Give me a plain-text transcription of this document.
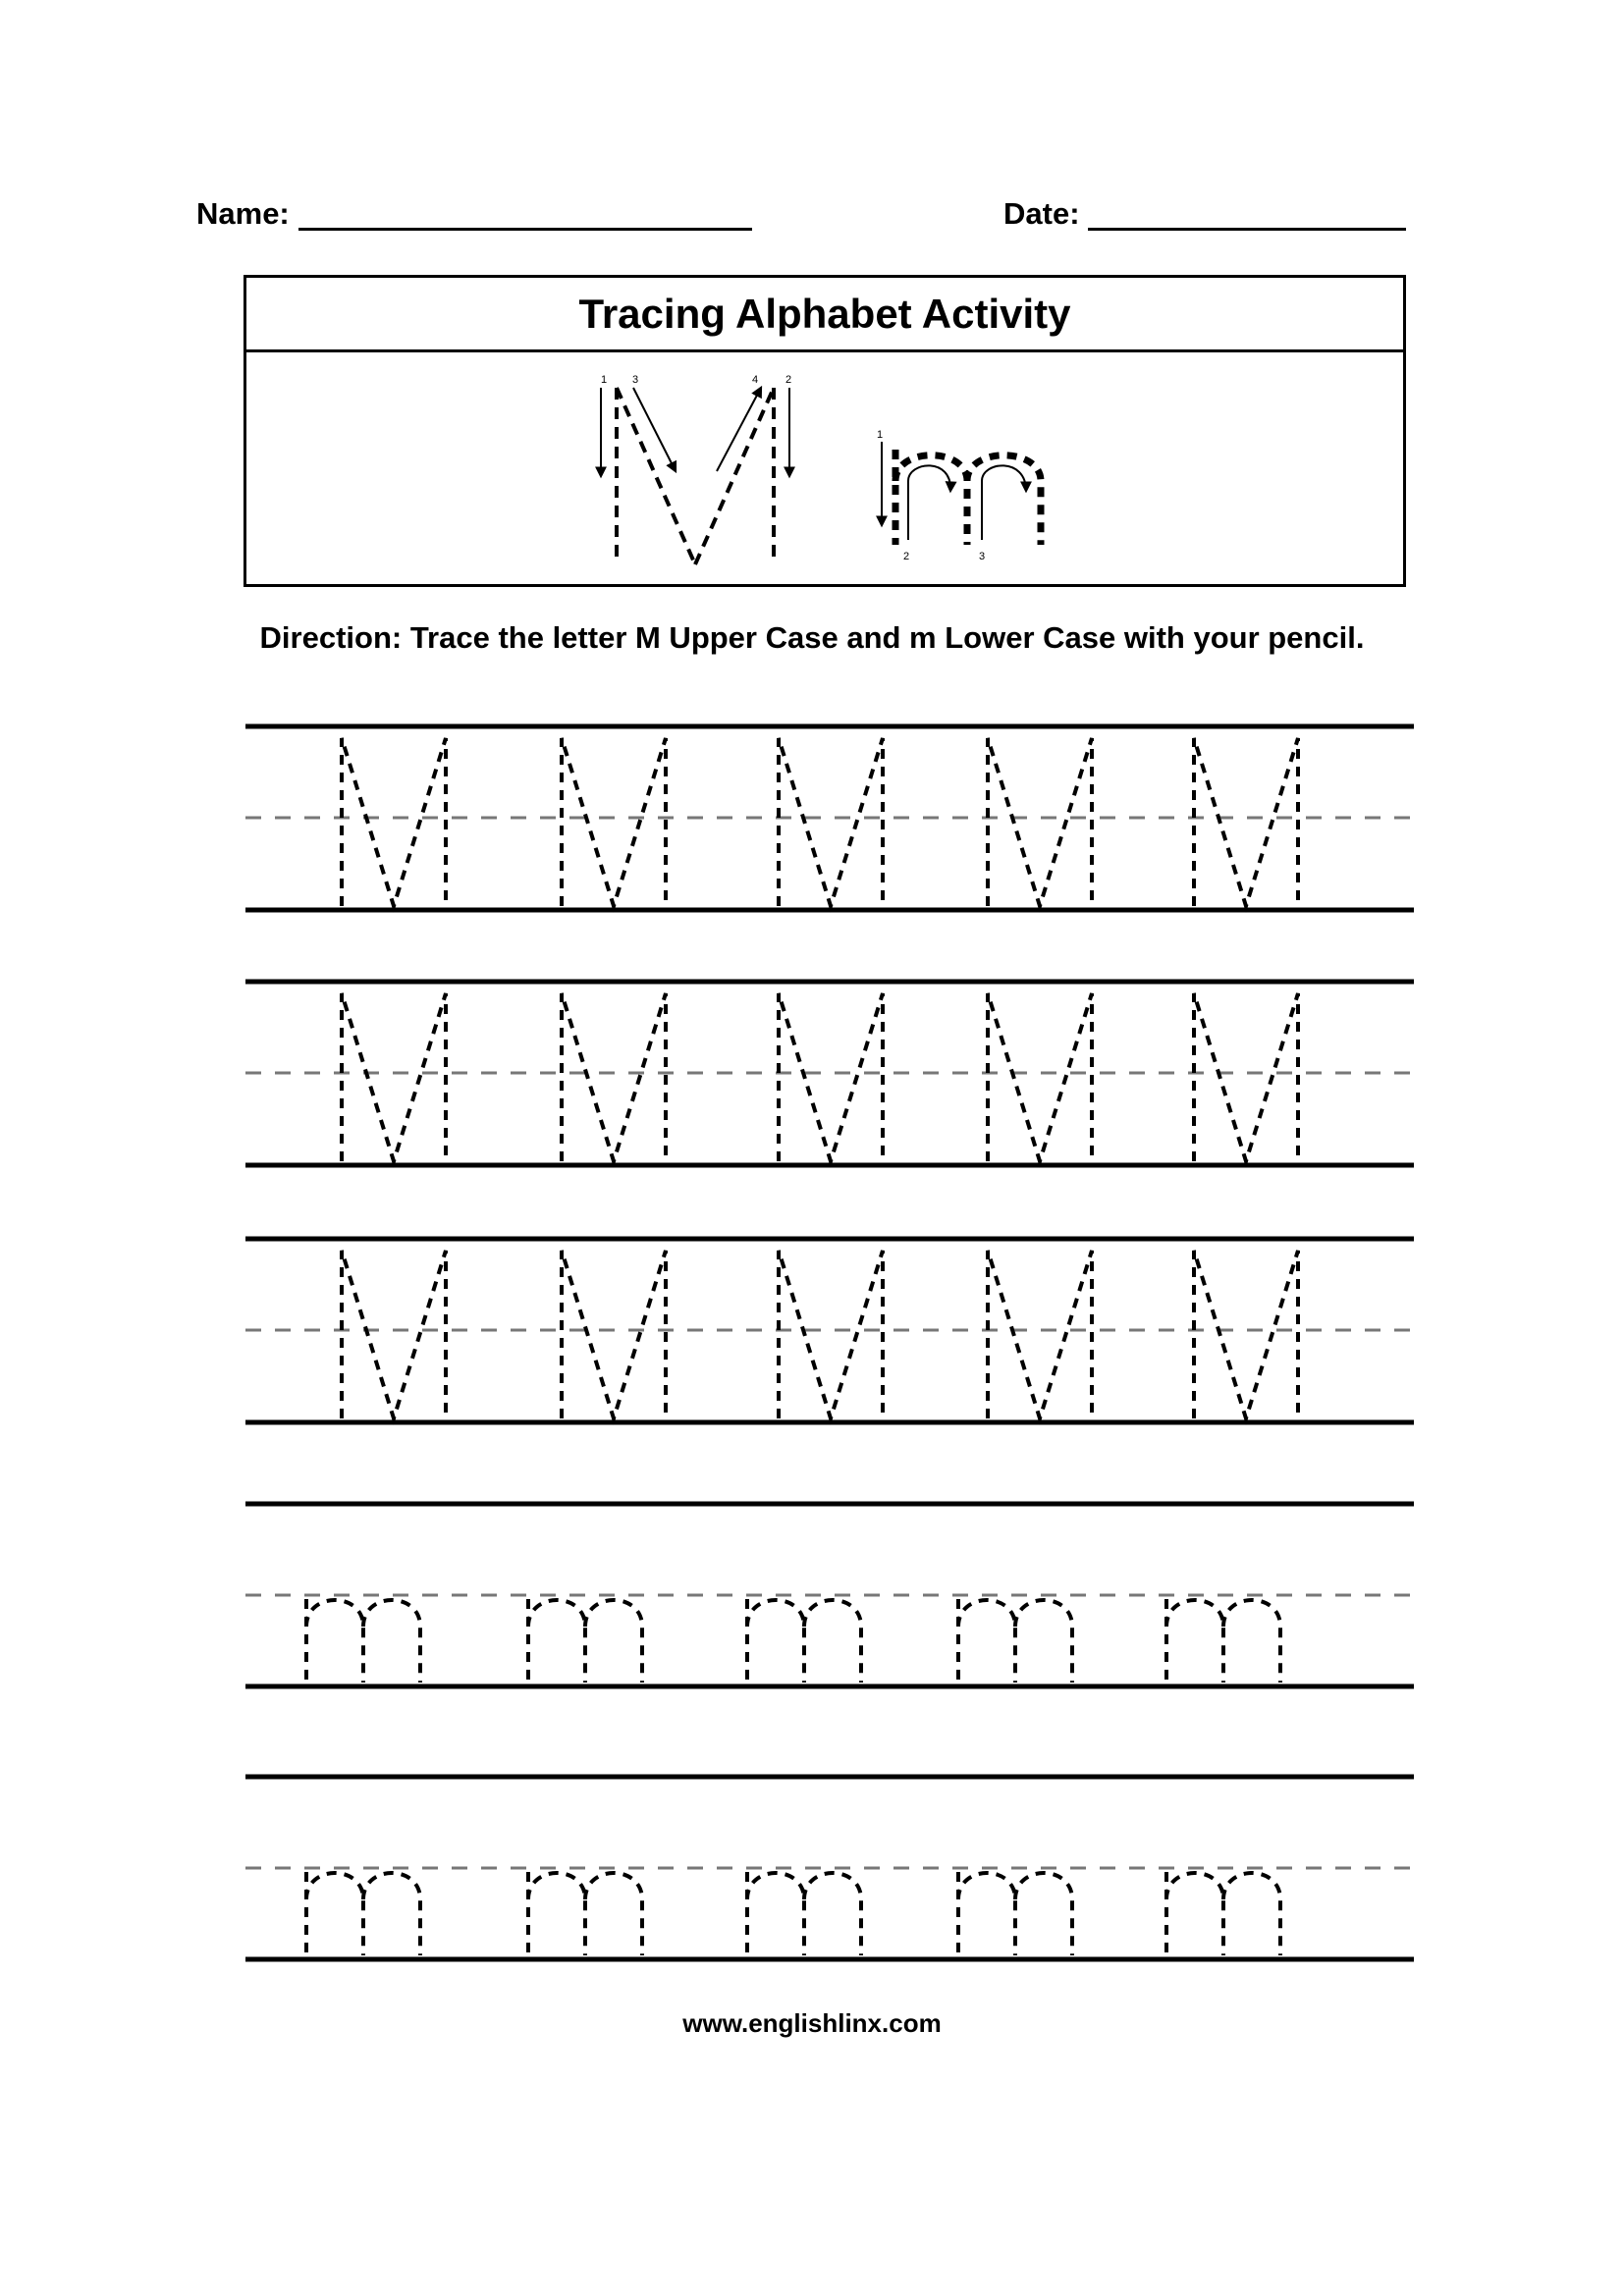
Name:	Date:
Tracing Alphabet Activity
Direction: Trace the letter M Upper Case and m Lower Case with your pencil.
1 3	4	2
1
2	3
www.englishlinx.com
